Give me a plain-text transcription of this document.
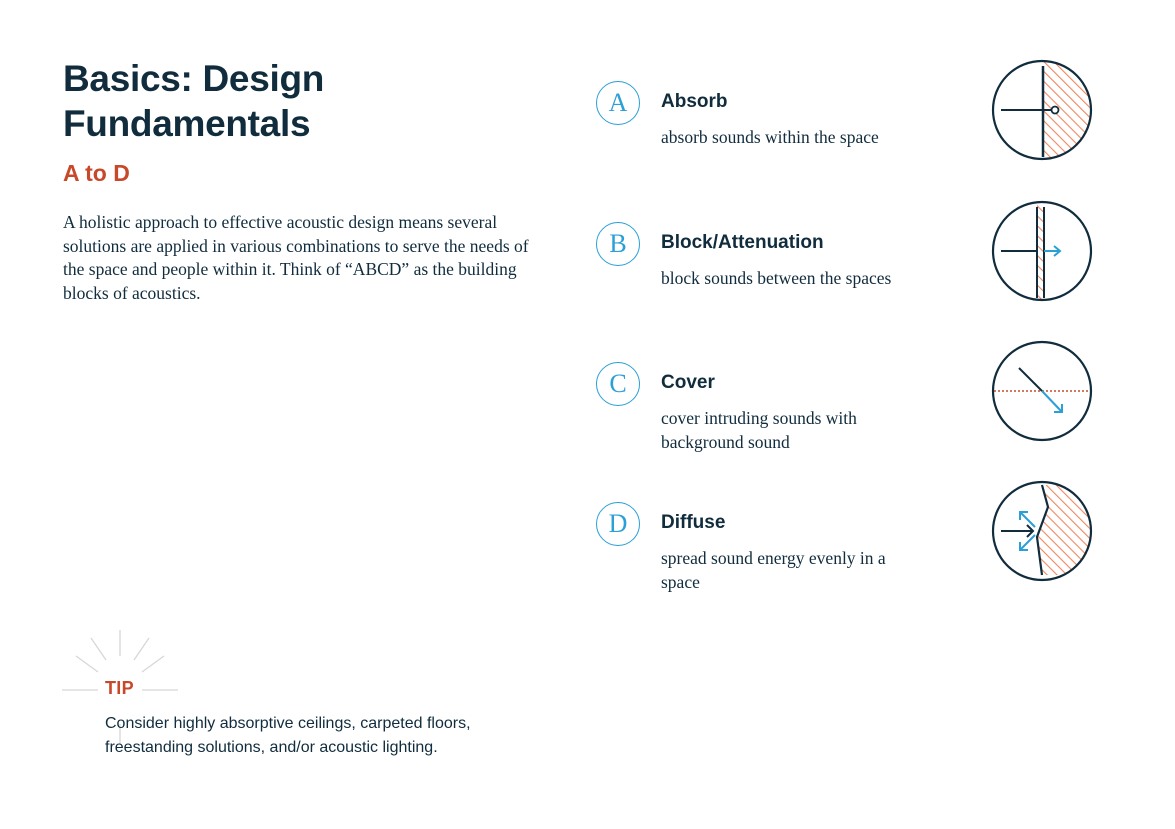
Basics: Design
Fundamentals
A to D

A holistic approach to effective acoustic design means several solutions are applied in various combinations to serve the needs of the space and people within it. Think of “ABCD” as the building blocks of acoustics.

A	Absorb

absorb sounds within the space

B	Block/Attenuation

block sounds between the spaces

C	Cover

cover intruding sounds with background sound

D	Diffuse

spread sound energy evenly in a space

TIP

Consider highly absorptive ceilings, carpeted floors, freestanding solutions, and/or acoustic lighting.
